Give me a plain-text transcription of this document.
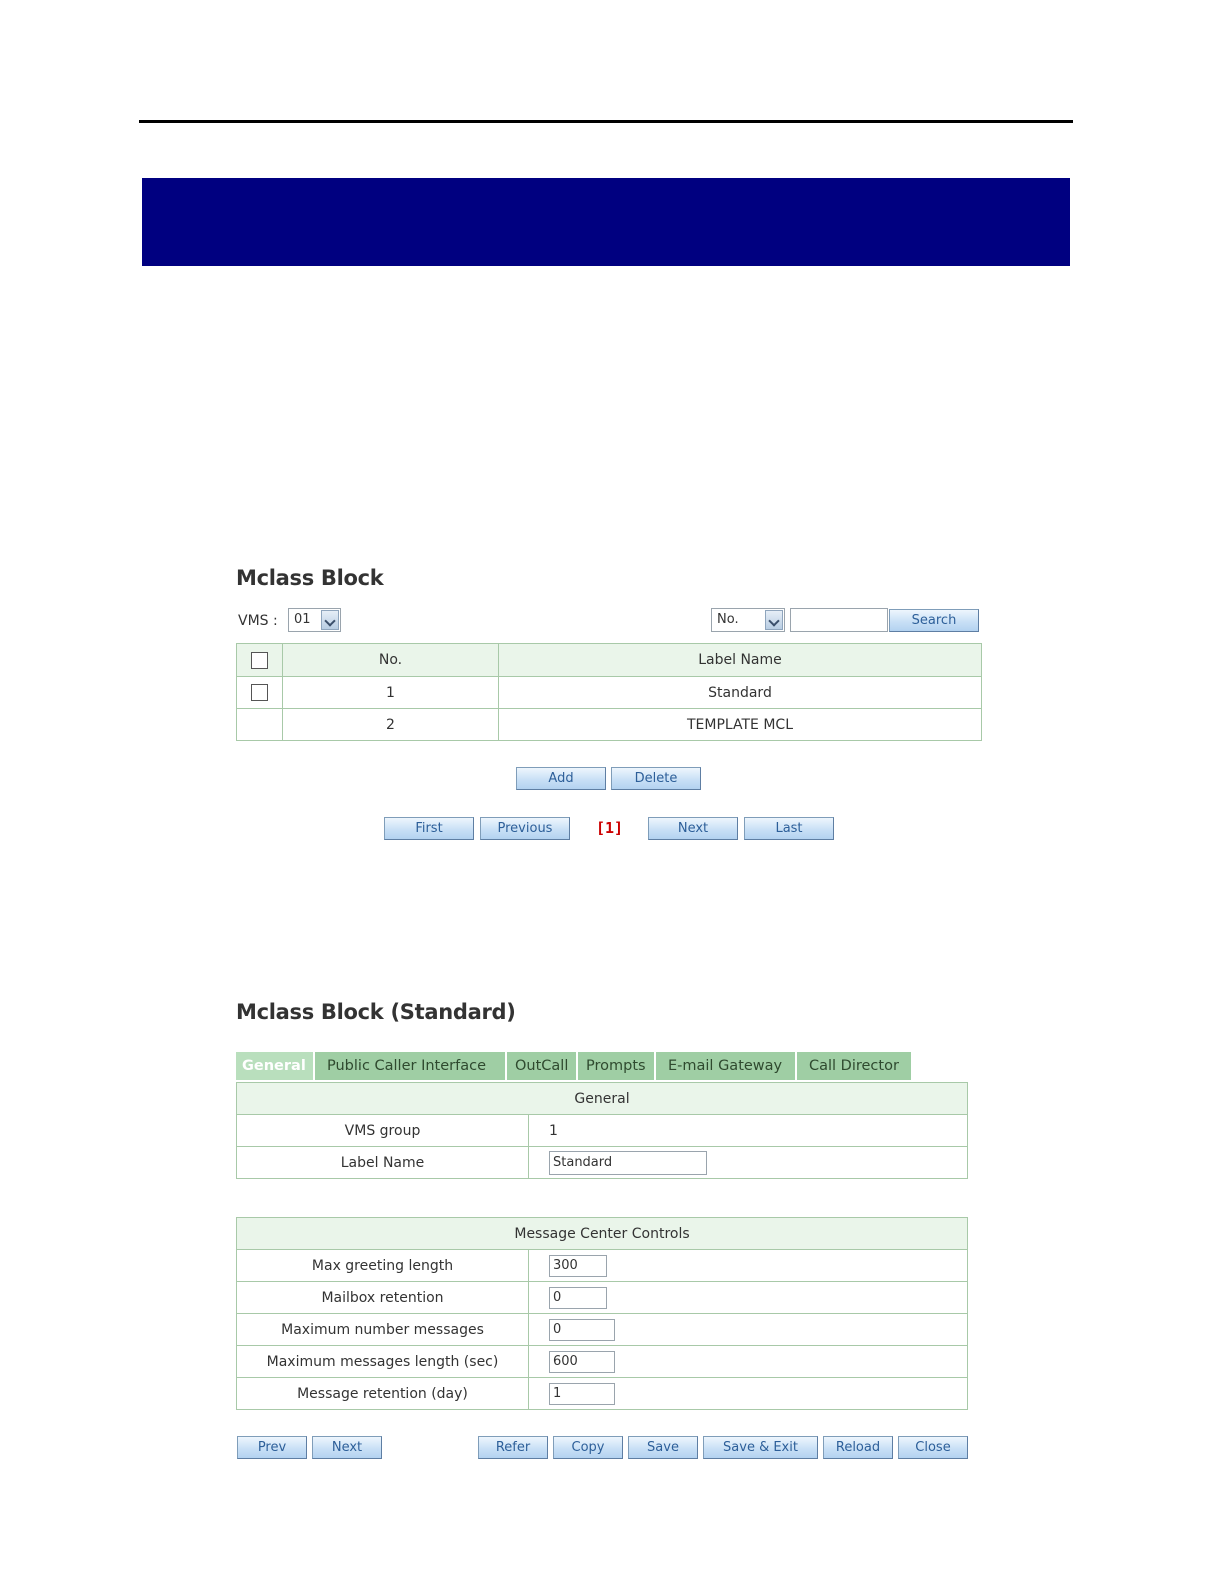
Mclass Block
VMS :	01	No.	Search
	No.	Label Name
	1	Standard
	2	TEMPLATE MCL
Add	Delete
First	Previous	[1]	Next	Last
Mclass Block (Standard)
General	Public Caller Interface	OutCall	Prompts	E-mail Gateway	Call Director
General	
VMS group	1
Label Name	Standard
Message Center Controls	
Max greeting length	300
Mailbox retention	0
Maximum number messages	0
Maximum messages length (sec)	600
Message retention (day)	1
Prev	Next	Refer	Copy	Save	Save & Exit	Reload	Close
